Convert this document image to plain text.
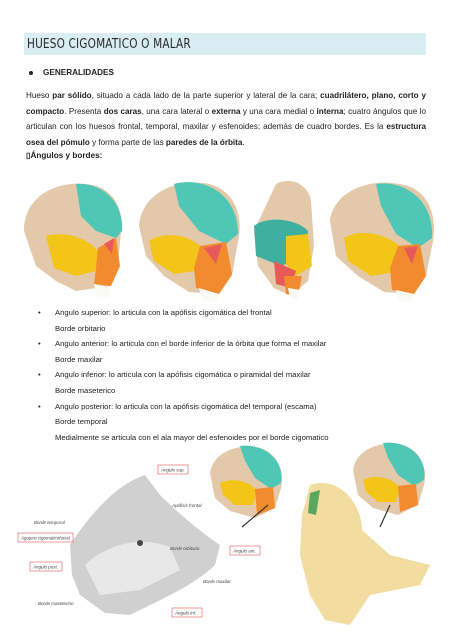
HUESO CIGOMATICO O MALAR
GENERALIDADES
Hueso par sólido, situado a cada lado de la parte superior y lateral de la cara; cuadrilátero, plano, corto y compacto. Presenta dos caras, una cara lateral o externa y una cara medial o interna; cuatro ángulos que lo articulan con los huesos frontal, temporal, maxilar y esfenoides; además de cuadro bordes. Es la estructura osea del pómulo y forma parte de las paredes de la órbita.
▯Ángulos y bordes:
• Angulo superior: lo articula con la apófisis cigomática del frontal
Borde orbitario
• Angulo anterior: lo articula con el borde inferior de la órbita que forma el maxilar
Borde maxilar
• Angulo inferior: lo articula con la apófisis cigomática o piramidal del maxilar
Borde maseterico
• Angulo posterior: lo articula con la apófisis cigomática del temporal (escama)
Borde temporal
Medialmente se articula con el ala mayor del esfenoides por el borde cigomatico
Ángulo sup.
Apófisis frontal
Borde temporal
Agujero cigomaticofacial
Borde orbitario	Ángulo ant.
Ángulo post.
Borde maxilar
Borde maseterino
Ángulo inf.
